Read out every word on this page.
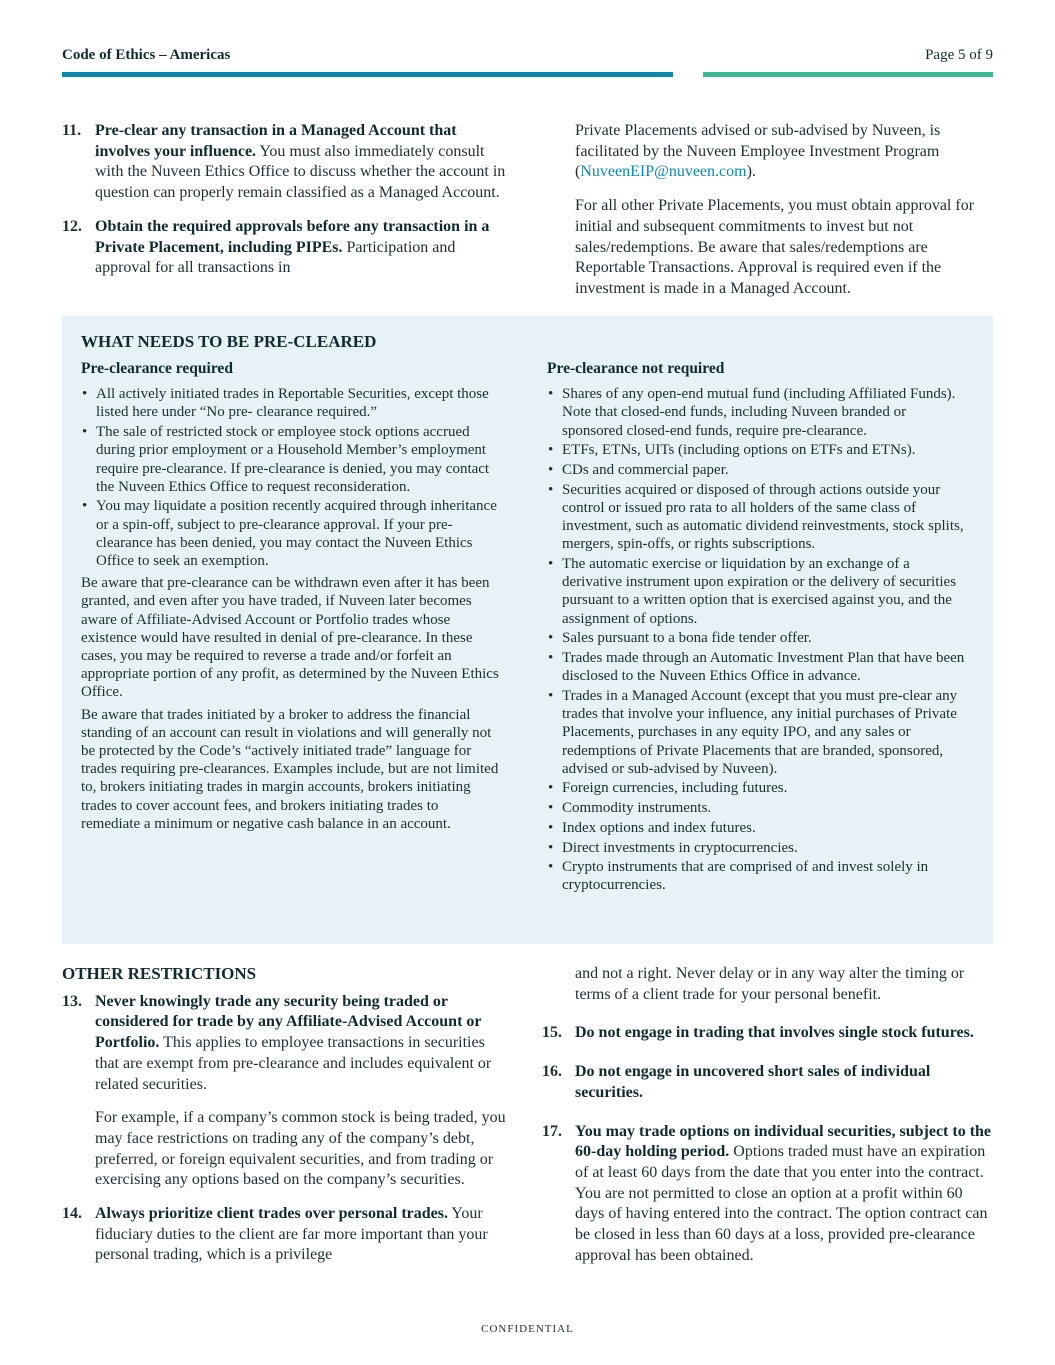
Code of Ethics – Americas	Page 5 of 9
11. Pre-clear any transaction in a Managed Account that involves your influence. You must also immediately consult with the Nuveen Ethics Office to discuss whether the account in question can properly remain classified as a Managed Account.

12. Obtain the required approvals before any transaction in a Private Placement, including PIPEs. Participation and approval for all transactions in

Private Placements advised or sub-advised by Nuveen, is facilitated by the Nuveen Employee Investment Program (NuveenEIP@nuveen.com).

For all other Private Placements, you must obtain approval for initial and subsequent commitments to invest but not sales/redemptions. Be aware that sales/redemptions are Reportable Transactions. Approval is required even if the investment is made in a Managed Account.

WHAT NEEDS TO BE PRE-CLEARED
Pre-clearance required
• All actively initiated trades in Reportable Securities, except those listed here under “No pre- clearance required.”
• The sale of restricted stock or employee stock options accrued during prior employment or a Household Member’s employment require pre-clearance. If pre-clearance is denied, you may contact the Nuveen Ethics Office to request reconsideration.
• You may liquidate a position recently acquired through inheritance or a spin-off, subject to pre-clearance approval. If your pre-clearance has been denied, you may contact the Nuveen Ethics Office to seek an exemption.

Be aware that pre-clearance can be withdrawn even after it has been granted, and even after you have traded, if Nuveen later becomes aware of Affiliate-Advised Account or Portfolio trades whose existence would have resulted in denial of pre-clearance. In these cases, you may be required to reverse a trade and/or forfeit an appropriate portion of any profit, as determined by the Nuveen Ethics Office.

Be aware that trades initiated by a broker to address the financial standing of an account can result in violations and will generally not be protected by the Code’s “actively initiated trade” language for trades requiring pre-clearances. Examples include, but are not limited to, brokers initiating trades in margin accounts, brokers initiating trades to cover account fees, and brokers initiating trades to remediate a minimum or negative cash balance in an account.

Pre-clearance not required
• Shares of any open-end mutual fund (including Affiliated Funds). Note that closed-end funds, including Nuveen branded or sponsored closed-end funds, require pre-clearance.
• ETFs, ETNs, UITs (including options on ETFs and ETNs).
• CDs and commercial paper.
• Securities acquired or disposed of through actions outside your control or issued pro rata to all holders of the same class of investment, such as automatic dividend reinvestments, stock splits, mergers, spin-offs, or rights subscriptions.
• The automatic exercise or liquidation by an exchange of a derivative instrument upon expiration or the delivery of securities pursuant to a written option that is exercised against you, and the assignment of options.
• Sales pursuant to a bona fide tender offer.
• Trades made through an Automatic Investment Plan that have been disclosed to the Nuveen Ethics Office in advance.
• Trades in a Managed Account (except that you must pre-clear any trades that involve your influence, any initial purchases of Private Placements, purchases in any equity IPO, and any sales or redemptions of Private Placements that are branded, sponsored, advised or sub-advised by Nuveen).
• Foreign currencies, including futures.
• Commodity instruments.
• Index options and index futures.
• Direct investments in cryptocurrencies.
• Crypto instruments that are comprised of and invest solely in cryptocurrencies.
OTHER RESTRICTIONS
13. Never knowingly trade any security being traded or considered for trade by any Affiliate-Advised Account or Portfolio. This applies to employee transactions in securities that are exempt from pre-clearance and includes equivalent or related securities.

For example, if a company’s common stock is being traded, you may face restrictions on trading any of the company’s debt, preferred, or foreign equivalent securities, and from trading or exercising any options based on the company’s securities.

14. Always prioritize client trades over personal trades. Your fiduciary duties to the client are far more important than your personal trading, which is a privilege

and not a right. Never delay or in any way alter the timing or terms of a client trade for your personal benefit.

15. Do not engage in trading that involves single stock futures.

16. Do not engage in uncovered short sales of individual securities.

17. You may trade options on individual securities, subject to the 60-day holding period. Options traded must have an expiration of at least 60 days from the date that you enter into the contract. You are not permitted to close an option at a profit within 60 days of having entered into the contract. The option contract can be closed in less than 60 days at a loss, provided pre-clearance approval has been obtained.

CONFIDENTIAL
